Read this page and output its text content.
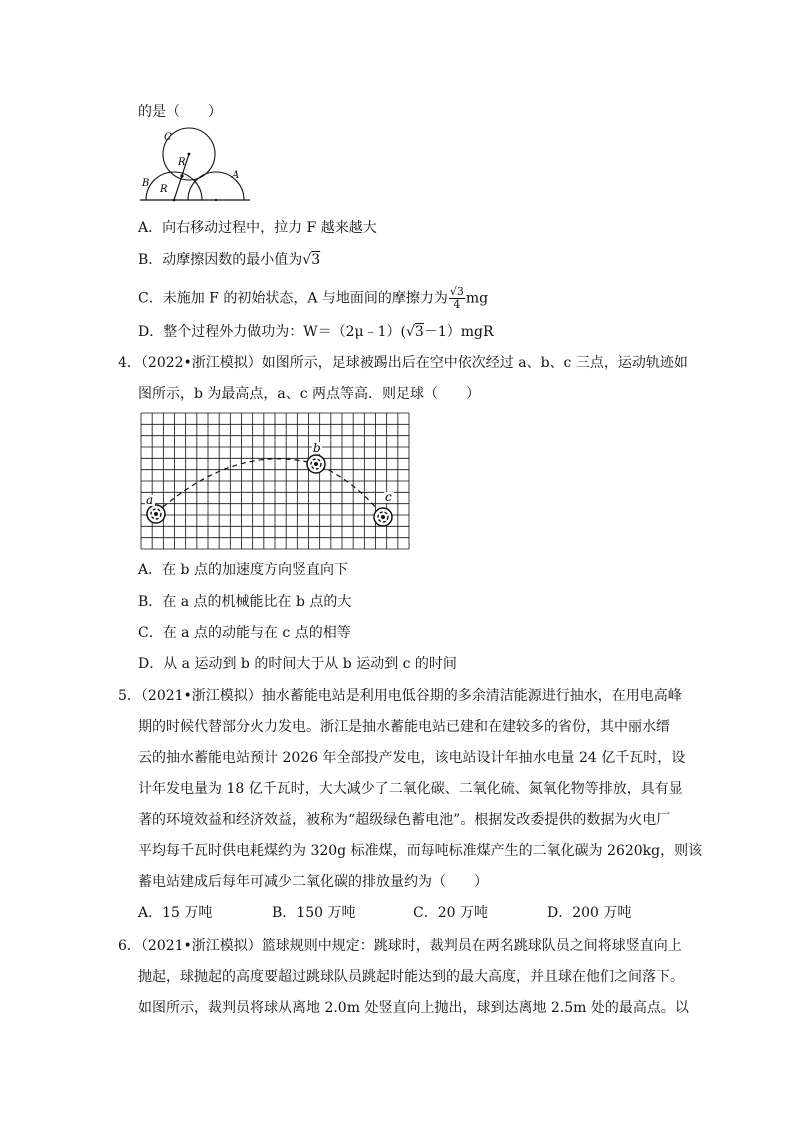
的是（　　）
C
R
B
R
A
A．向右移动过程中，拉力 F 越来越大
B．动摩擦因数的最小值为√3
C．未施加 F 的初始状态，A 与地面间的摩擦力为 $\frac{√3}{4}$ mg
D．整个过程外力做功为：W＝（2μ﹣1）(√3－1）mgR
4．（2022•浙江模拟）如图所示，足球被踢出后在空中依次经过 a、b、c 三点，运动轨迹如
图所示，b 为最高点，a、c 两点等高．则足球（　　）
a
b
c
A．在 b 点的加速度方向竖直向下
B．在 a 点的机械能比在 b 点的大
C．在 a 点的动能与在 c 点的相等
D．从 a 运动到 b 的时间大于从 b 运动到 c 的时间
5．（2021•浙江模拟）抽水蓄能电站是利用电低谷期的多余清洁能源进行抽水，在用电高峰
期的时候代替部分火力发电。浙江是抽水蓄能电站已建和在建较多的省份，其中丽水缙
云的抽水蓄能电站预计 2026 年全部投产发电，该电站设计年抽水电量 24 亿千瓦时，设
计年发电量为 18 亿千瓦时，大大减少了二氧化碳、二氧化硫、氮氧化物等排放，具有显
著的环境效益和经济效益，被称为“超级绿色蓄电池”。根据发改委提供的数据为火电厂
平均每千瓦时供电耗煤约为 320g 标准煤，而每吨标准煤产生的二氧化碳为 2620kg，则该
蓄电站建成后每年可减少二氧化碳的排放量约为（　　）
A．15 万吨	B．150 万吨	C．20 万吨	D．200 万吨
6．（2021•浙江模拟）篮球规则中规定：跳球时，裁判员在两名跳球队员之间将球竖直向上
抛起，球抛起的高度要超过跳球队员跳起时能达到的最大高度，并且球在他们之间落下。
如图所示，裁判员将球从离地 2.0m 处竖直向上抛出，球到达离地 2.5m 处的最高点。以
